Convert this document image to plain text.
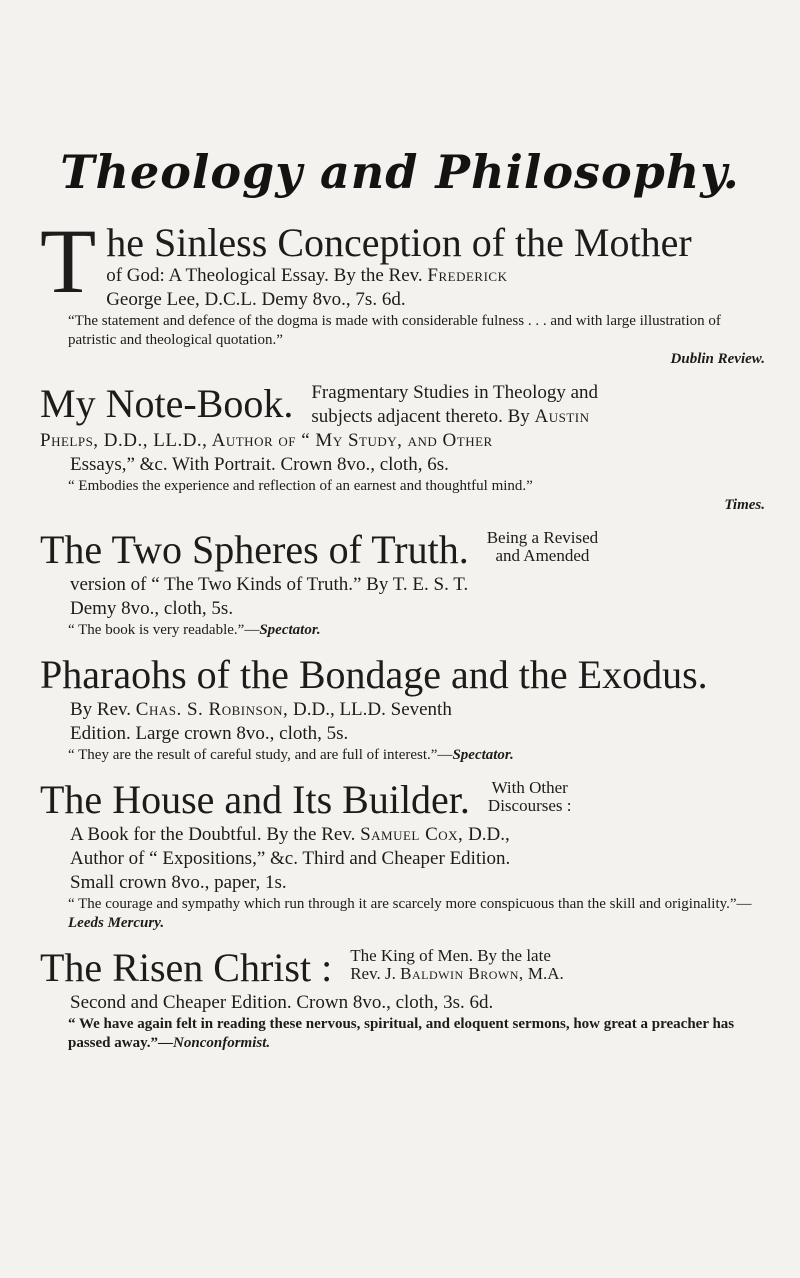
Theology and Philosophy.
T he Sinless Conception of the Mother
of God: A Theological Essay. By the Rev. Frederick
George Lee, D.C.L. Demy 8vo., 7s. 6d.
“The statement and defence of the dogma is made with considerable fulness . . . and with large illustration of patristic and theological quotation.”
Dublin Review.
My Note-Book. Fragmentary Studies in Theology and
subjects adjacent thereto. By Austin
Phelps, D.D., LL.D., Author of “ My Study, and Other
Essays,” &c. With Portrait. Crown 8vo., cloth, 6s.
“ Embodies the experience and reflection of an earnest and thoughtful mind.”
Times.
The Two Spheres of Truth. Being a Revised
and Amended
version of “ The Two Kinds of Truth.” By T. E. S. T.
Demy 8vo., cloth, 5s.
“ The book is very readable.”—Spectator.
Pharaohs of the Bondage and the Exodus.
By Rev. Chas. S. Robinson, D.D., LL.D. Seventh
Edition. Large crown 8vo., cloth, 5s.
“ They are the result of careful study, and are full of interest.”—Spectator.
The House and Its Builder. With Other
Discourses :
A Book for the Doubtful. By the Rev. Samuel Cox, D.D.,
Author of “ Expositions,” &c. Third and Cheaper Edition.
Small crown 8vo., paper, 1s.
“ The courage and sympathy which run through it are scarcely more conspicuous than the skill and originality.”—Leeds Mercury.
The Risen Christ : The King of Men. By the late
Rev. J. Baldwin Brown, M.A.
Second and Cheaper Edition. Crown 8vo., cloth, 3s. 6d.
“ We have again felt in reading these nervous, spiritual, and eloquent sermons, how great a preacher has passed away.”—Nonconformist.
